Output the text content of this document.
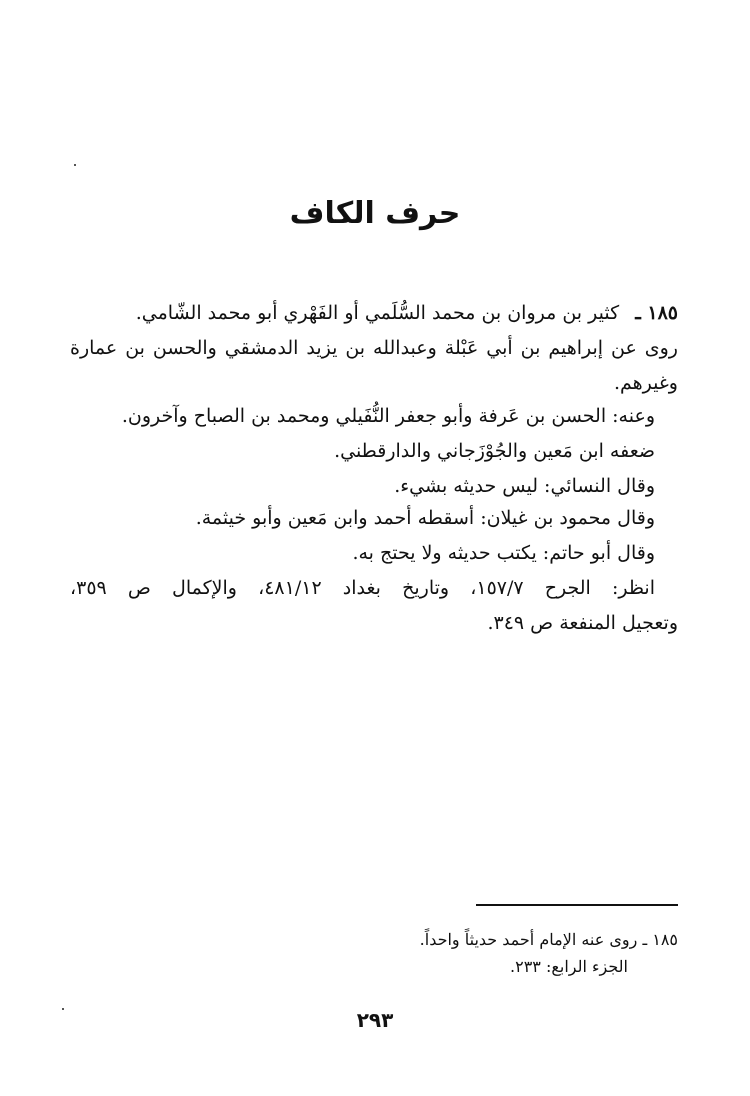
حرف الكاف
١٨٥ ـ كثير بن مروان بن محمد السُّلَمي أو الفَهْري أبو محمد الشّامي.
روى عن إبراهيم بن أبي عَبْلة وعبدالله بن يزيد الدمشقي والحسن بن عمارة
وغيرهم.
وعنه: الحسن بن عَرفة وأبو جعفر النُّفَيلي ومحمد بن الصباح وآخرون.
ضعفه ابن مَعين والجُوْزَجاني والدارقطني.
وقال النسائي: ليس حديثه بشيء.
وقال محمود بن غيلان: أسقطه أحمد وابن مَعين وأبو خيثمة.
وقال أبو حاتم: يكتب حديثه ولا يحتج به.
انظر: الجرح ١٥٧/٧، وتاريخ بغداد ٤٨١/١٢، والإكمال ص ٣٥٩،
وتعجيل المنفعة ص ٣٤٩.
١٨٥ ـ روى عنه الإمام أحمد حديثاً واحداً.
الجزء الرابع: ٢٣٣.
٢٩٣
